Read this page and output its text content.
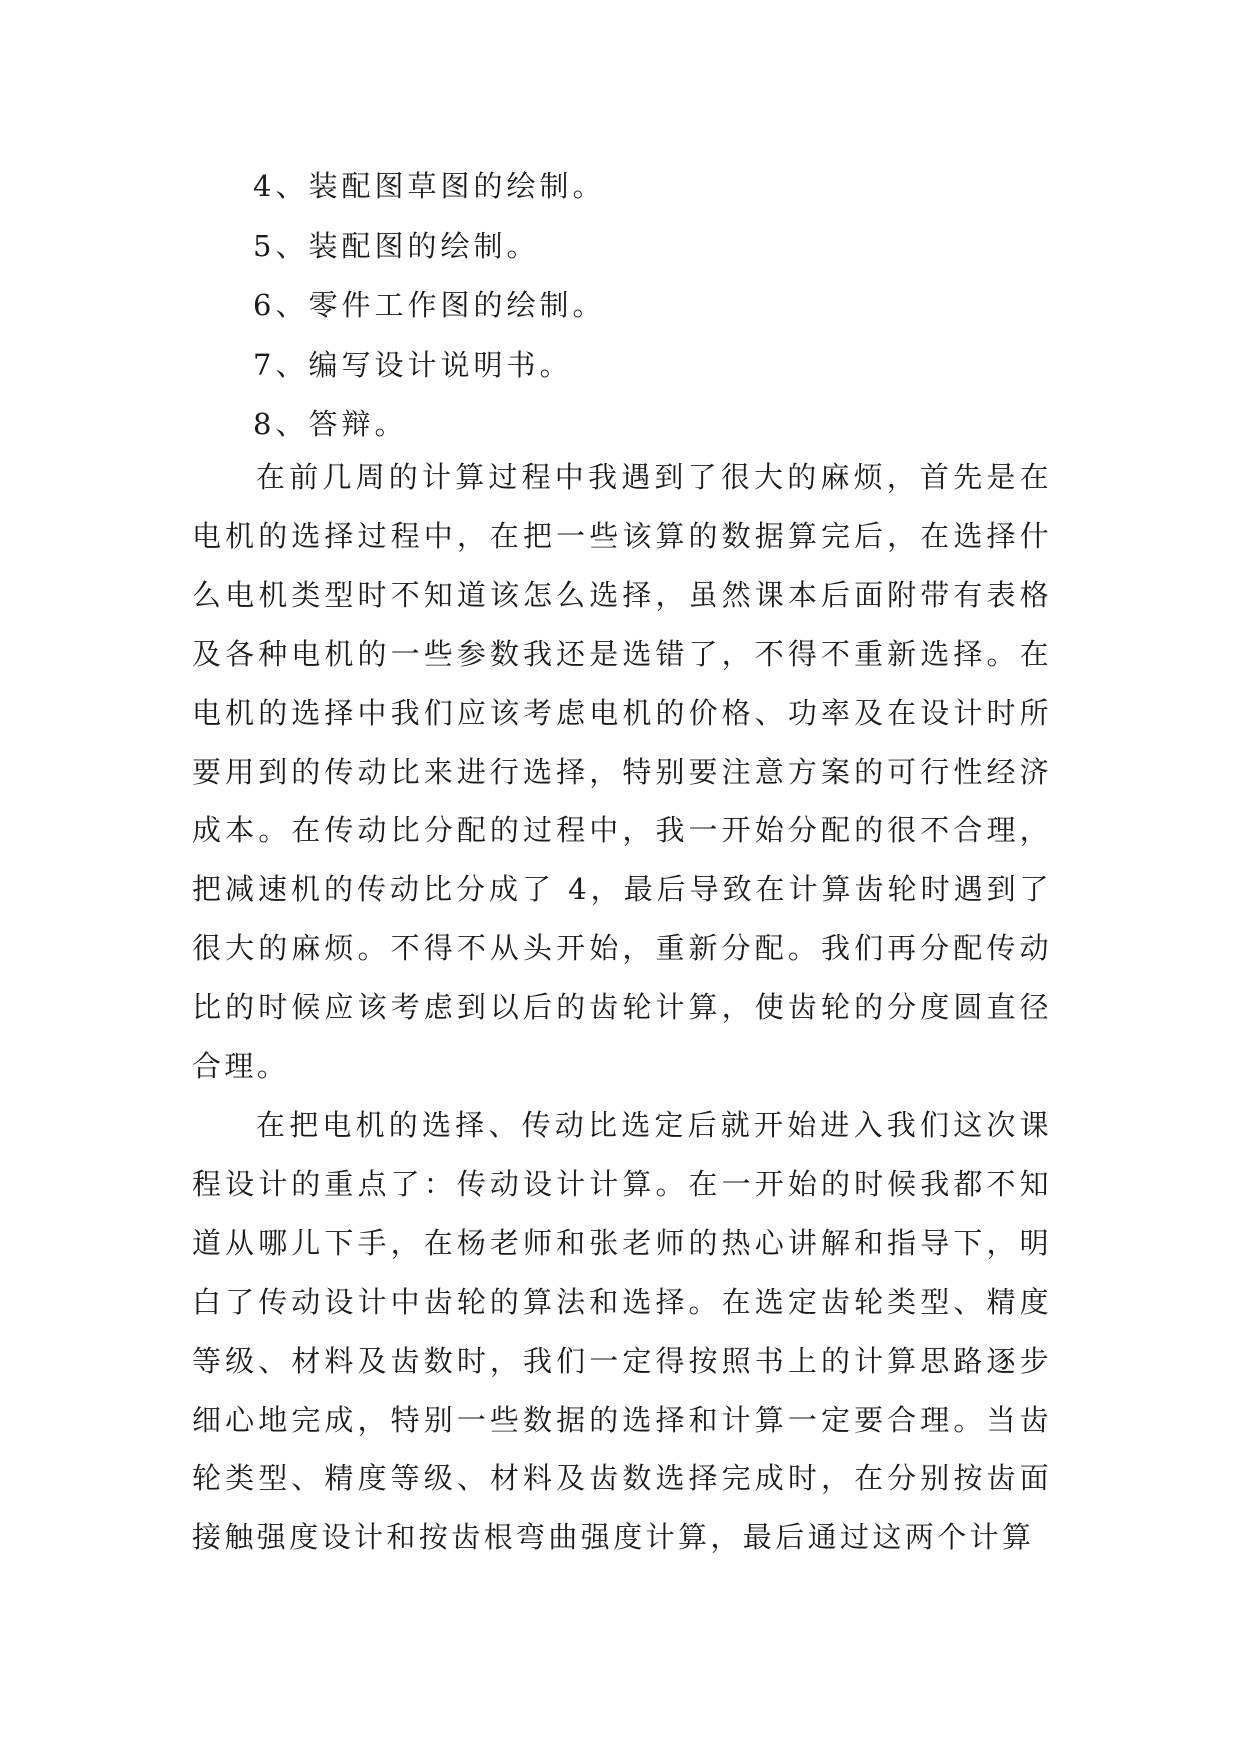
4、装配图草图的绘制。
5、装配图的绘制。
6、零件工作图的绘制。
7、编写设计说明书。
8、答辩。

在前几周的计算过程中我遇到了很大的麻烦，首先是在电机的选择过程中，在把一些该算的数据算完后，在选择什么电机类型时不知道该怎么选择，虽然课本后面附带有表格及各种电机的一些参数我还是选错了，不得不重新选择。在电机的选择中我们应该考虑电机的价格、功率及在设计时所要用到的传动比来进行选择，特别要注意方案的可行性经济成本。在传动比分配的过程中，我一开始分配的很不合理，把减速机的传动比分成了 4，最后导致在计算齿轮时遇到了很大的麻烦。不得不从头开始，重新分配。我们再分配传动比的时候应该考虑到以后的齿轮计算，使齿轮的分度圆直径合理。

在把电机的选择、传动比选定后就开始进入我们这次课程设计的重点了：传动设计计算。在一开始的时候我都不知道从哪儿下手，在杨老师和张老师的热心讲解和指导下，明白了传动设计中齿轮的算法和选择。在选定齿轮类型、精度等级、材料及齿数时，我们一定得按照书上的计算思路逐步细心地完成，特别一些数据的选择和计算一定要合理。当齿轮类型、精度等级、材料及齿数选择完成时，在分别按齿面接触强度设计和按齿根弯曲强度计算，最后通过这两个计算
